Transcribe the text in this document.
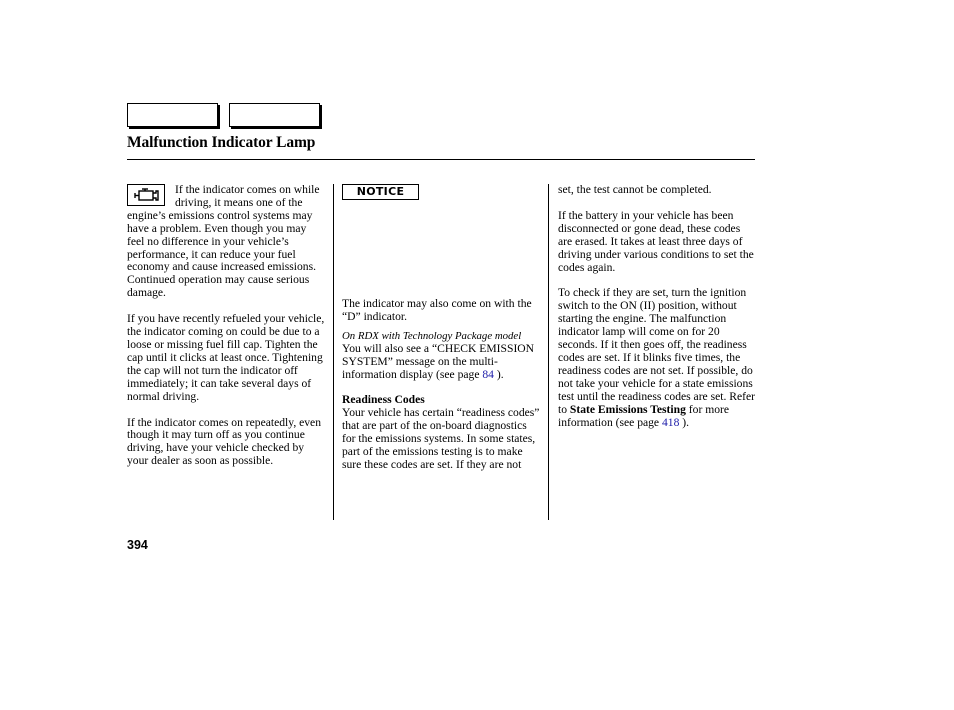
Malfunction Indicator Lamp

If the indicator comes on while driving, it means one of the engine’s emissions control systems may have a problem. Even though you may feel no difference in your vehicle’s performance, it can reduce your fuel economy and cause increased emissions. Continued operation may cause serious damage.

If you have recently refueled your vehicle, the indicator coming on could be due to a loose or missing fuel fill cap. Tighten the cap until it clicks at least once. Tightening the cap will not turn the indicator off immediately; it can take several days of normal driving.

If the indicator comes on repeatedly, even though it may turn off as you continue driving, have your vehicle checked by your dealer as soon as possible.

NOTICE

The indicator may also come on with the “D” indicator.

On RDX with Technology Package model

You will also see a “CHECK EMISSION SYSTEM” message on the multi-information display (see page 84 ).

Readiness Codes

Your vehicle has certain “readiness codes” that are part of the on-board diagnostics for the emissions systems. In some states, part of the emissions testing is to make sure these codes are set. If they are not

set, the test cannot be completed.

If the battery in your vehicle has been disconnected or gone dead, these codes are erased. It takes at least three days of driving under various conditions to set the codes again.

To check if they are set, turn the ignition switch to the ON (II) position, without starting the engine. The malfunction indicator lamp will come on for 20 seconds. If it then goes off, the readiness codes are set. If it blinks five times, the readiness codes are not set. If possible, do not take your vehicle for a state emissions test until the readiness codes are set. Refer to State Emissions Testing for more information (see page 418 ).

394
